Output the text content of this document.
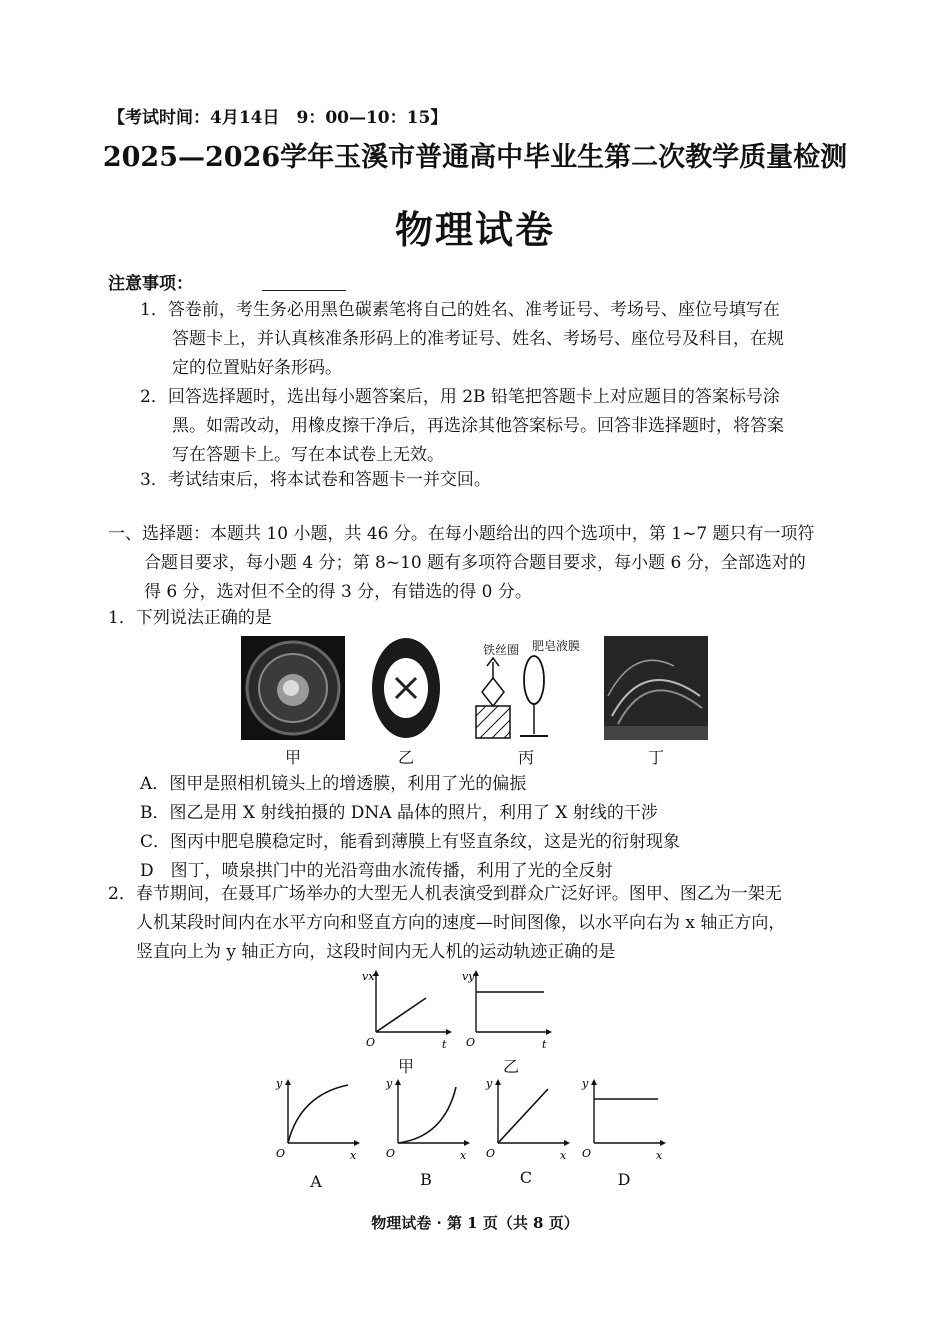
【考试时间：4月14日　9：00—10：15】
2025—2026学年玉溪市普通高中毕业生第二次教学质量检测
物理试卷
注意事项：
1．答卷前，考生务必用黑色碳素笔将自己的姓名、准考证号、考场号、座位号填写在
答题卡上，并认真核准条形码上的准考证号、姓名、考场号、座位号及科目，在规
定的位置贴好条形码。
2．回答选择题时，选出每小题答案后，用 2B 铅笔把答题卡上对应题目的答案标号涂
黑。如需改动，用橡皮擦干净后，再选涂其他答案标号。回答非选择题时，将答案
写在答题卡上。写在本试卷上无效。
3．考试结束后，将本试卷和答题卡一并交回。
一、选择题：本题共 10 小题，共 46 分。在每小题给出的四个选项中，第 1~7 题只有一项符
合题目要求，每小题 4 分；第 8~10 题有多项符合题目要求，每小题 6 分，全部选对的
得 6 分，选对但不全的得 3 分，有错选的得 0 分。
1．下列说法正确的是
甲	乙
铁丝圈 肥皂液膜
丙	丁
A．图甲是照相机镜头上的增透膜，利用了光的偏振
B．图乙是用 X 射线拍摄的 DNA 晶体的照片，利用了 X 射线的干涉
C．图丙中肥皂膜稳定时，能看到薄膜上有竖直条纹，这是光的衍射现象
D　图丁，喷泉拱门中的光沿弯曲水流传播，利用了光的全反射
2．春节期间，在聂耳广场举办的大型无人机表演受到群众广泛好评。图甲、图乙为一架无
人机某段时间内在水平方向和竖直方向的速度—时间图像，以水平向右为 x 轴正方向，
竖直向上为 y 轴正方向，这段时间内无人机的运动轨迹正确的是
vx
O	t
甲
vy
O	t
乙
y
O	x
A
y
O	x
B
y
O	x
C
y
O	x
D
物理试卷 · 第 1 页（共 8 页）
